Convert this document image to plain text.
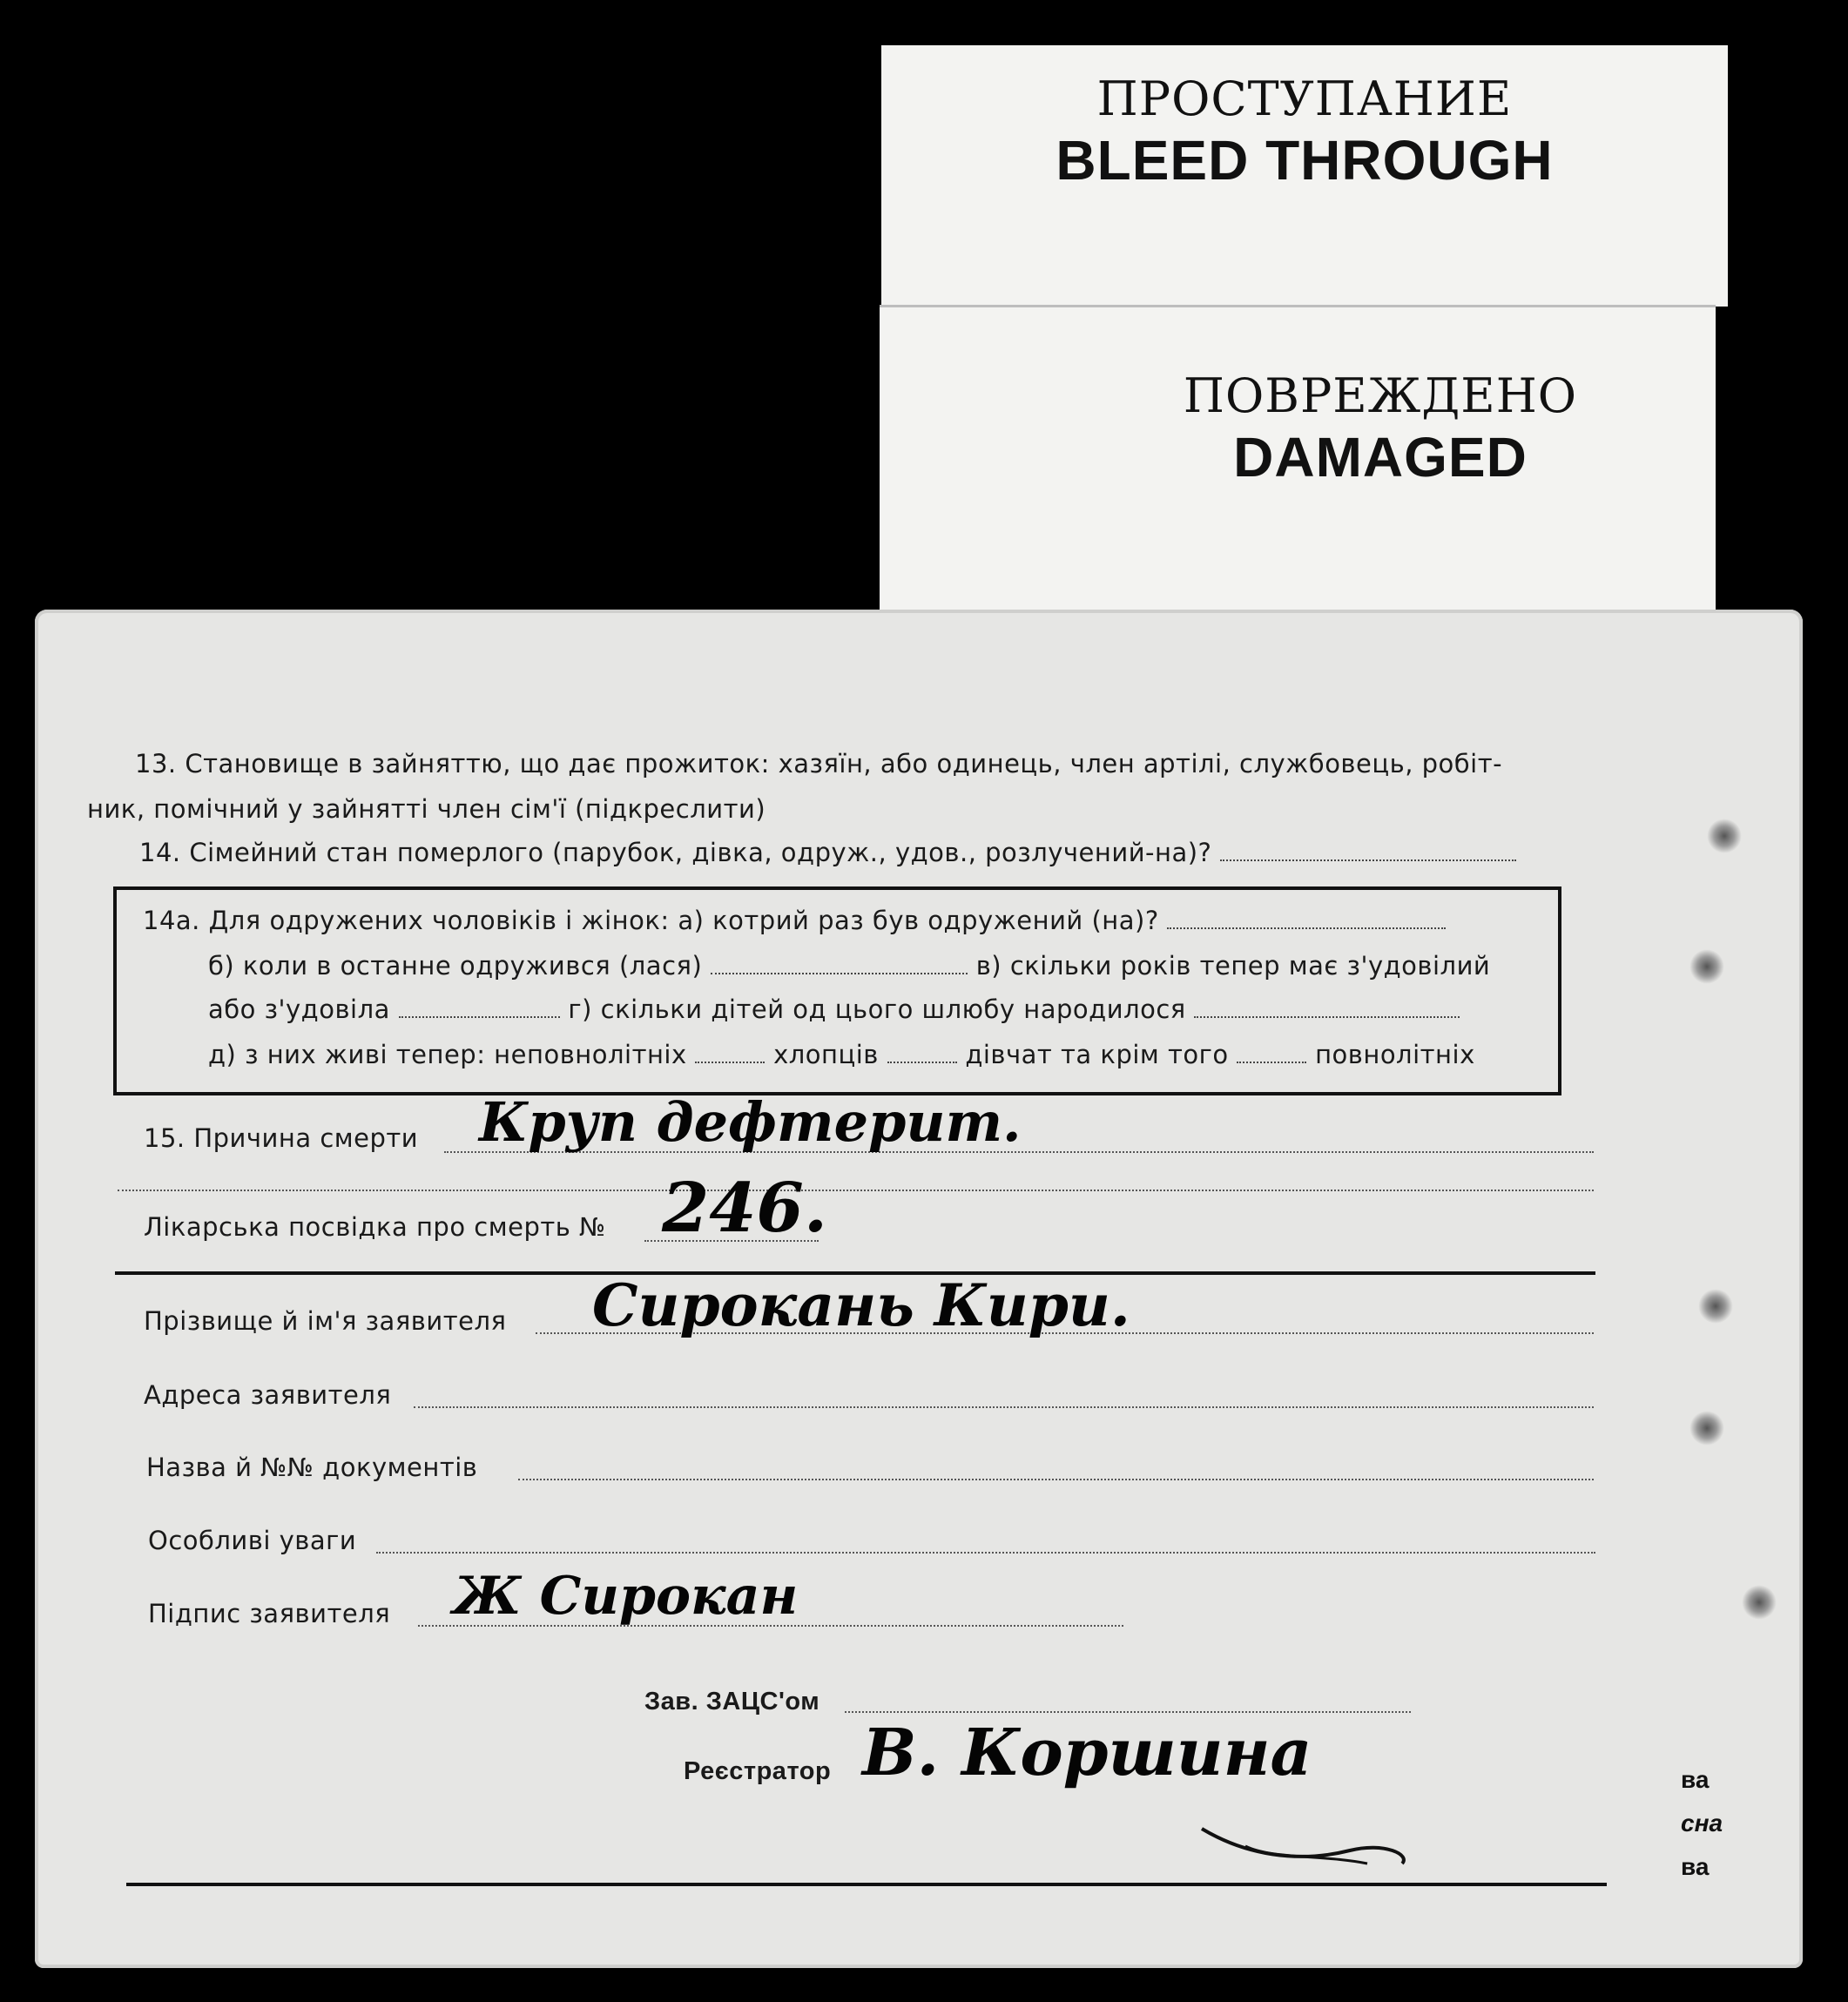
ПРОСТУПАНИЕ
BLEED THROUGH
ПОВРЕЖДЕНО
DAMAGED
13. Становище в зайняттю, що дає прожиток: хазяїн, або одинець, член артілі, службовець, робіт-
ник, помічний у зайнятті член сім'ї (підкреслити)
14. Сімейний стан померлого (парубок, дівка, одруж., удов., розлучений-на)?
14а. Для одружених чоловіків і жінок: а) котрий раз був одружений (на)?
б) коли в останне одружився (лася)	в) скільки років тепер має з'удовілий
або з'удовіла	г) скільки дітей од цього шлюбу народилося
д) з них живі тепер: неповнолітніх	хлопців	дівчат та крім того	повнолітніх
15. Причина смерти Круп дефтерит.
Лікарська посвідка про смерть № 246.
Прізвище й ім'я заявителя Сирокань Кири.
Адреса заявителя
Назва й №№ документів
Особливі уваги
Підпис заявителя Ж Сирокан
Зав. ЗАЦС'ом
Реєстратор В. Коршина	ва
сна
ва
